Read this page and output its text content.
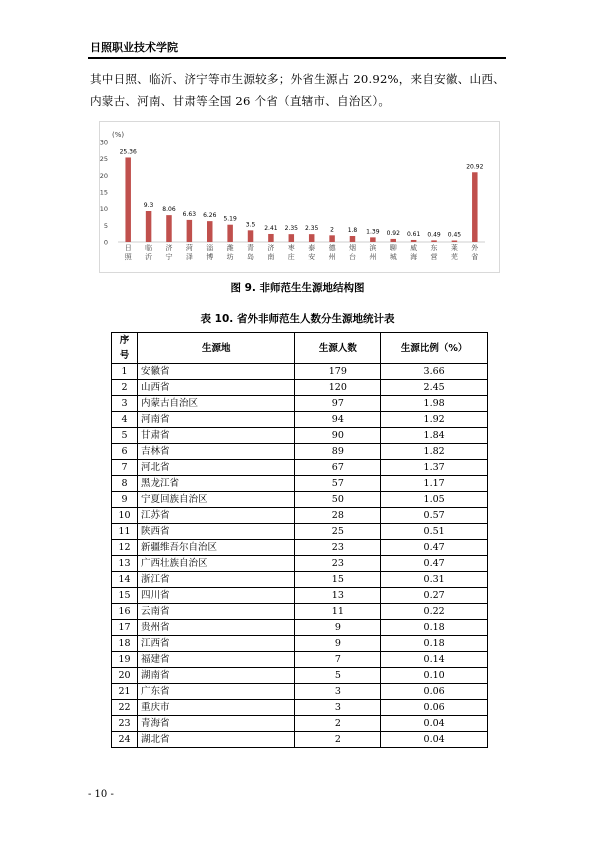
日照职业技术学院
其中日照、临沂、济宁等市生源较多；外省生源占 20.92%，来自安徽、山西、内蒙古、河南、甘肃等全国 26 个省（直辖市、自治区）。
(%)
0
5
10
15
20
25
30
25.36
日
照
9.3
临
沂
8.06
济
宁
6.63
菏
泽
6.26
淄
博
5.19
潍
坊
3.5
青
岛
2.41
济
南
2.35
枣
庄
2.35
泰
安
2
德
州
1.8
烟
台
1.39
滨
州
0.92
聊
城
0.61
威
海
0.49
东
营
0.45
莱
芜
20.92
外
省
图 9. 非师范生生源地结构图
表 10. 省外非师范生人数分生源地统计表
序号	生源地	生源人数	生源比例（%）
1	安徽省	179	3.66
2	山西省	120	2.45
3	内蒙古自治区	97	1.98
4	河南省	94	1.92
5	甘肃省	90	1.84
6	吉林省	89	1.82
7	河北省	67	1.37
8	黑龙江省	57	1.17
9	宁夏回族自治区	50	1.05
10	江苏省	28	0.57
11	陕西省	25	0.51
12	新疆维吾尔自治区	23	0.47
13	广西壮族自治区	23	0.47
14	浙江省	15	0.31
15	四川省	13	0.27
16	云南省	11	0.22
17	贵州省	9	0.18
18	江西省	9	0.18
19	福建省	7	0.14
20	湖南省	5	0.10
21	广东省	3	0.06
22	重庆市	3	0.06
23	青海省	2	0.04
24	湖北省	2	0.04
- 10 -
